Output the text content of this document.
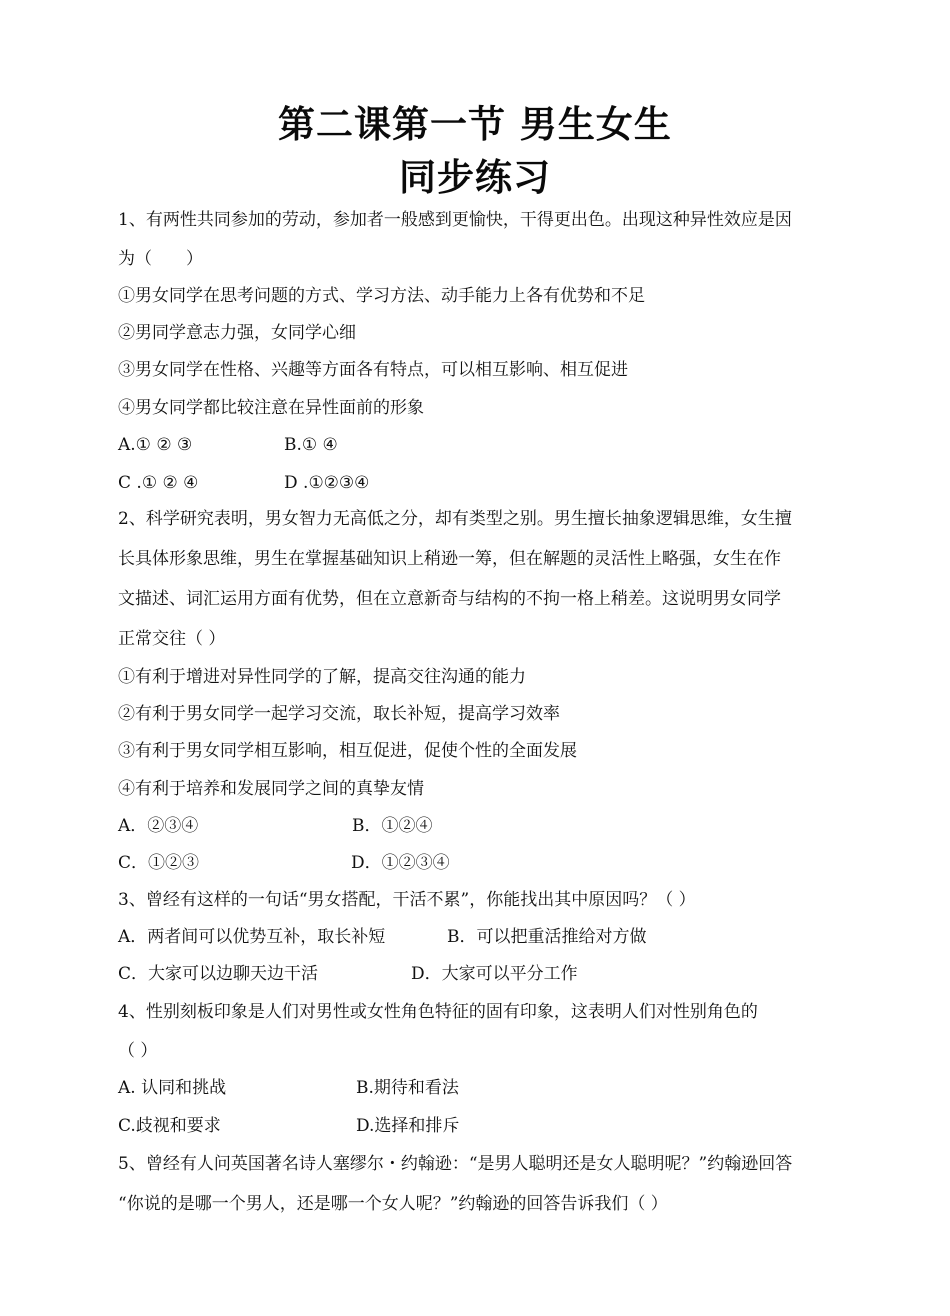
第二课第一节 男生女生
同步练习
1、有两性共同参加的劳动，参加者一般感到更愉快，干得更出色。出现这种异性效应是因
为（　　）
①男女同学在思考问题的方式、学习方法、动手能力上各有优势和不足
②男同学意志力强，女同学心细
③男女同学在性格、兴趣等方面各有特点，可以相互影响、相互促进
④男女同学都比较注意在异性面前的形象
A.① ② ③	B.① ④
C .① ② ④	D .①②③④
2、科学研究表明，男女智力无高低之分，却有类型之别。男生擅长抽象逻辑思维，女生擅
长具体形象思维，男生在掌握基础知识上稍逊一筹，但在解题的灵活性上略强，女生在作
文描述、词汇运用方面有优势，但在立意新奇与结构的不拘一格上稍差。这说明男女同学
正常交往（ ）
①有利于增进对异性同学的了解，提高交往沟通的能力
②有利于男女同学一起学习交流，取长补短，提高学习效率
③有利于男女同学相互影响，相互促进，促使个性的全面发展
④有利于培养和发展同学之间的真挚友情
A．②③④	B．①②④
C．①②③	D．①②③④
3、曾经有这样的一句话“男女搭配，干活不累”，你能找出其中原因吗？（ ）
A．两者间可以优势互补，取长补短	B．可以把重活推给对方做
C．大家可以边聊天边干活	D．大家可以平分工作
4、性别刻板印象是人们对男性或女性角色特征的固有印象，这表明人们对性别角色的
（ ）
A. 认同和挑战	B.期待和看法
C.歧视和要求	D.选择和排斥
5、曾经有人问英国著名诗人塞缪尔・约翰逊：“是男人聪明还是女人聪明呢？”约翰逊回答
“你说的是哪一个男人，还是哪一个女人呢？”约翰逊的回答告诉我们（ ）
